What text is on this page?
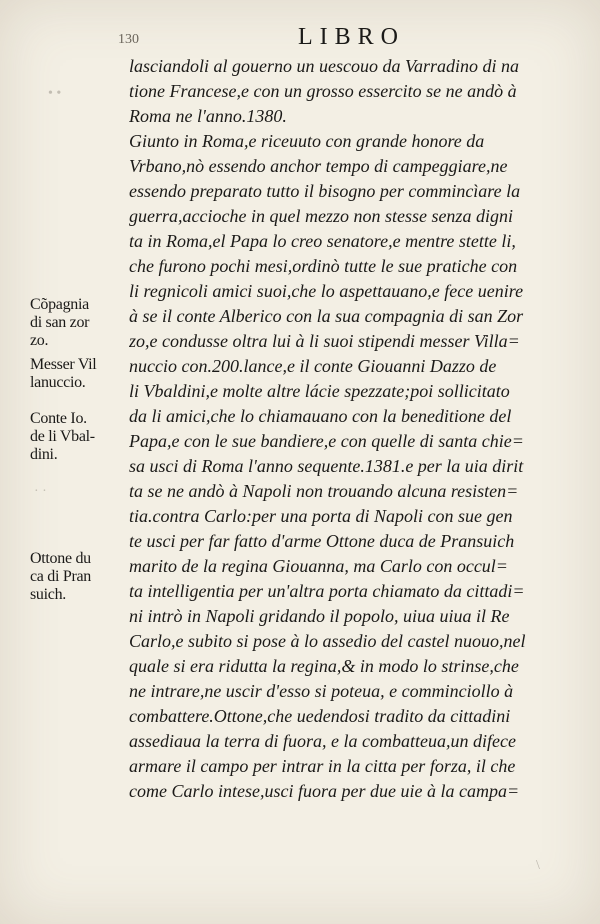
130	LIBRO
• •
· ·
lasciandoli al gouerno un uescouo da Varradino di na
tione Francese,e con un grosso essercito se ne andò à
Roma ne l'anno.1380.
Giunto in Roma,e riceuuto con grande honore da
Vrbano,nò essendo anchor tempo di campeggiare,ne
essendo preparato tutto il bisogno per commincìare la
guerra,accioche in quel mezzo non stesse senza digni
ta in Roma,el Papa lo creo senatore,e mentre stette li,
che furono pochi mesi,ordinò tutte le sue pratiche con
li regnicoli amici suoi,che lo aspettauano,e fece uenire
à se il conte Alberico con la sua compagnia di san Zor
zo,e condusse oltra lui à li suoi stipendi messer Villa=
nuccio con.200.lance,e il conte Giouanni Dazzo de
li Vbaldini,e molte altre lácie spezzate;poi sollicitato
da li amici,che lo chiamauano con la beneditione del
Papa,e con le sue bandiere,e con quelle di santa chie=
sa usci di Roma l'anno sequente.1381.e per la uia dirit
ta se ne andò à Napoli non trouando alcuna resisten=
tia.contra Carlo:per una porta di Napoli con sue gen
te usci per far fatto d'arme Ottone duca de Pransuich
marito de la regina Giouanna, ma Carlo con occul=
ta intelligentia per un'altra porta chiamato da cittadi=
ni intrò in Napoli gridando il popolo, uiua uiua il Re
Carlo,e subito si pose à lo assedio del castel nuouo,nel
quale si era ridutta la regina,& in modo lo strinse,che
ne intrare,ne uscir d'esso si poteua, e comminciollo à
combattere.Ottone,che uedendosi tradito da cittadini
assediaua la terra di fuora, e la combatteua,un difece
armare il campo per intrar in la citta per forza, il che
come Carlo intese,usci fuora per due uie à la campa=
Cõpagnia
di san zor
zo.
Messer Vil
lanuccio.
Conte Io.
de li Vbal-
dini.
Ottone du
ca di Pran
suich.
\
